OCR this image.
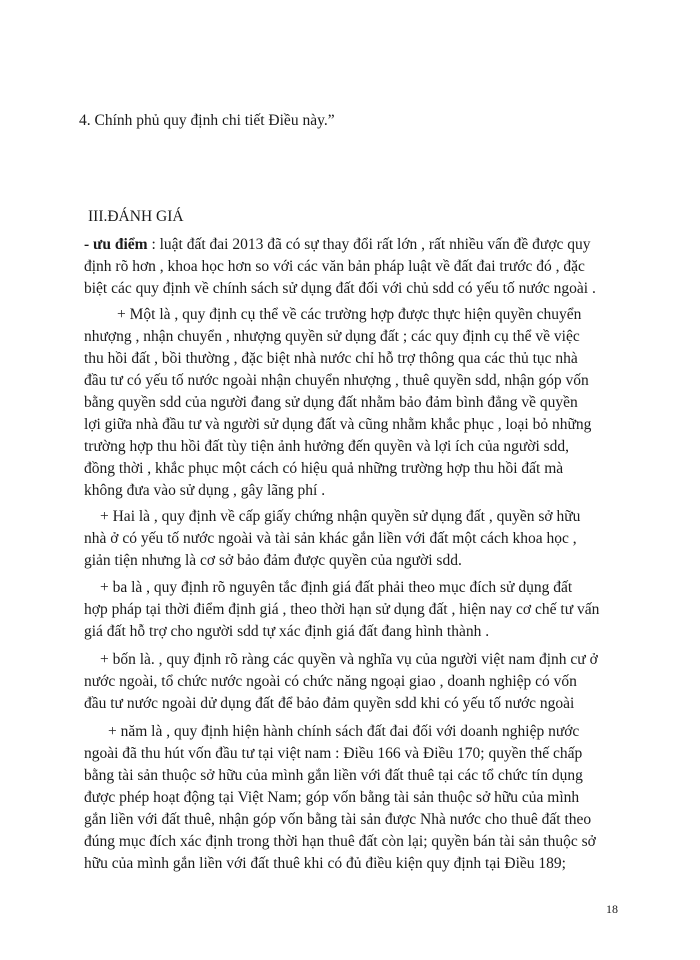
4. Chính phủ quy định chi tiết Điều này.”
III.ĐÁNH GIÁ
- ưu điểm : luật đất đai 2013 đã có sự thay đổi rất lớn , rất nhiều vấn đề được quy
định rõ hơn , khoa học hơn so với các văn bản pháp luật về đất đai trước đó , đặc
biệt các quy định về chính sách sử dụng đất đối với chủ sdd có yếu tố nước ngoài .
+ Một là , quy định cụ thể về các trường hợp được thực hiện quyền chuyển
nhượng , nhận chuyển , nhượng quyền sử dụng đất ; các quy định cụ thể về việc
thu hồi đất , bồi thường , đặc biệt nhà nước chỉ hỗ trợ thông qua các thủ tục nhà
đầu tư có yếu tố nước ngoài nhận chuyển nhượng , thuê quyền sdd, nhận góp vốn
bằng quyền sdd của người đang sử dụng đất nhằm bảo đảm bình đẳng về quyền
lợi giữa nhà đầu tư và người sử dụng đất và cũng nhằm khắc phục , loại bỏ những
trường hợp thu hồi đất tùy tiện ảnh hưởng đến quyền và lợi ích của người sdd,
đồng thời , khắc phục một cách có hiệu quả những trường hợp thu hồi đất mà
không đưa vào sử dụng , gây lãng phí .
+ Hai là , quy định về cấp giấy chứng nhận quyền sử dụng đất , quyền sở hữu
nhà ở có yếu tố nước ngoài và tài sản khác gắn liền với đất một cách khoa học ,
giản tiện nhưng là cơ sở bảo đảm được quyền của người sdd.
+ ba là , quy định rõ nguyên tắc định giá đất phải theo mục đích sử dụng đất
hợp pháp tại thời điểm định giá , theo thời hạn sử dụng đất , hiện nay cơ chế tư vấn
giá đất hỗ trợ cho người sdd tự xác định giá đất đang hình thành .
+ bốn là. , quy định rõ ràng các quyền và nghĩa vụ của người việt nam định cư ở
nước ngoài, tổ chức nước ngoài có chức năng ngoại giao , doanh nghiệp có vốn
đầu tư nước ngoài dử dụng đất để bảo đảm quyền sdd khi có yếu tố nước ngoài
+ năm là , quy định hiện hành chính sách đất đai đối với doanh nghiệp nước
ngoài đã thu hút vốn đầu tư tại việt nam : Điều 166 và Điều 170; quyền thế chấp
bằng tài sản thuộc sở hữu của mình gắn liền với đất thuê tại các tổ chức tín dụng
được phép hoạt động tại Việt Nam; góp vốn bằng tài sản thuộc sở hữu của mình
gắn liền với đất thuê, nhận góp vốn bằng tài sản được Nhà nước cho thuê đất theo
đúng mục đích xác định trong thời hạn thuê đất còn lại; quyền bán tài sản thuộc sở
hữu của mình gắn liền với đất thuê khi có đủ điều kiện quy định tại Điều 189;
18
